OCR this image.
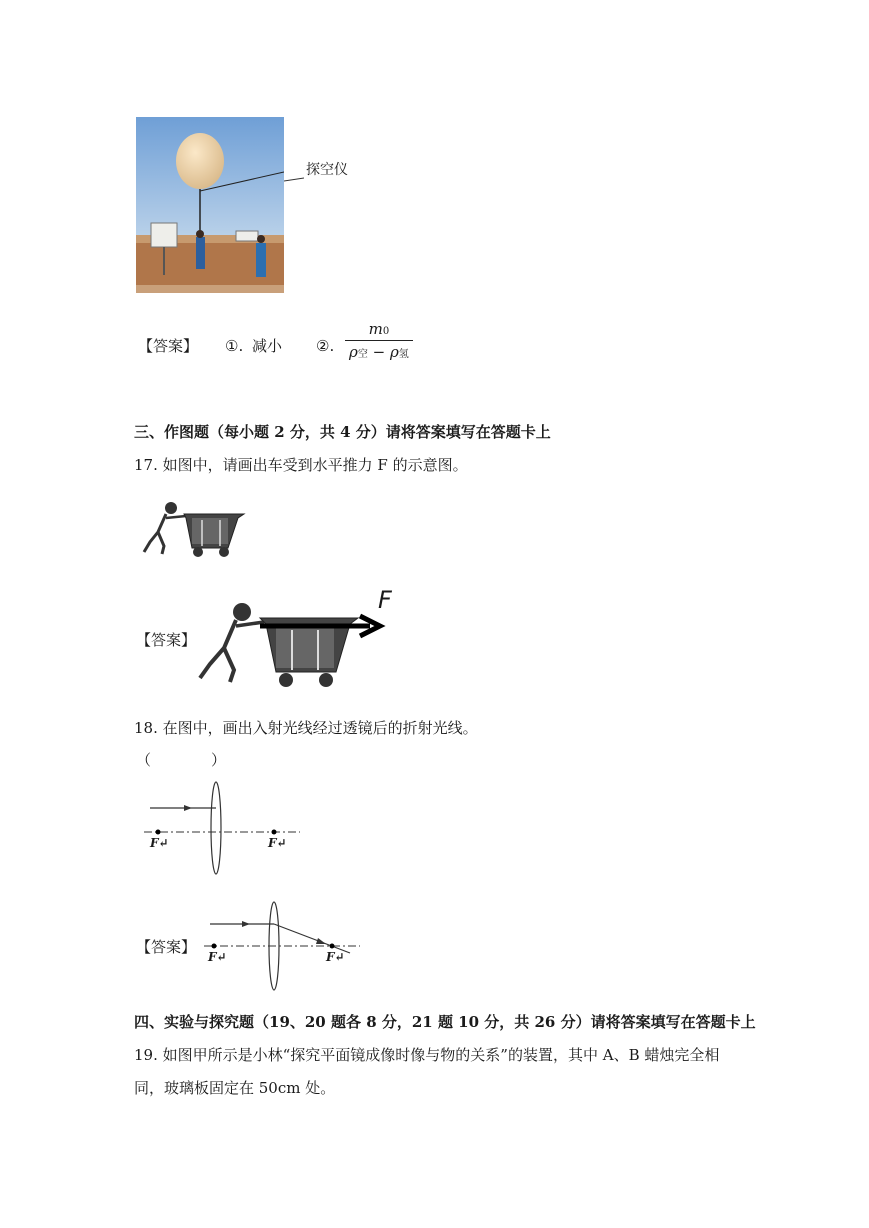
探空仪
【答案】 ①. 减小 ②. $\frac{m0}{\text{ρ空 − ρ氢}}$
三、作图题（每小题 2 分，共 4 分）请将答案填写在答题卡上
17. 如图中，请画出车受到水平推力 F 的示意图。
【答案】
F
18. 在图中，画出入射光线经过透镜后的折射光线。
（　　　　）
F↵	F↵
【答案】
F↵	F↵
四、实验与探究题（19、20 题各 8 分，21 题 10 分，共 26 分）请将答案填写在答题卡上
19. 如图甲所示是小林“探究平面镜成像时像与物的关系”的装置，其中 A、B 蜡烛完全相
同，玻璃板固定在 50cm 处。
